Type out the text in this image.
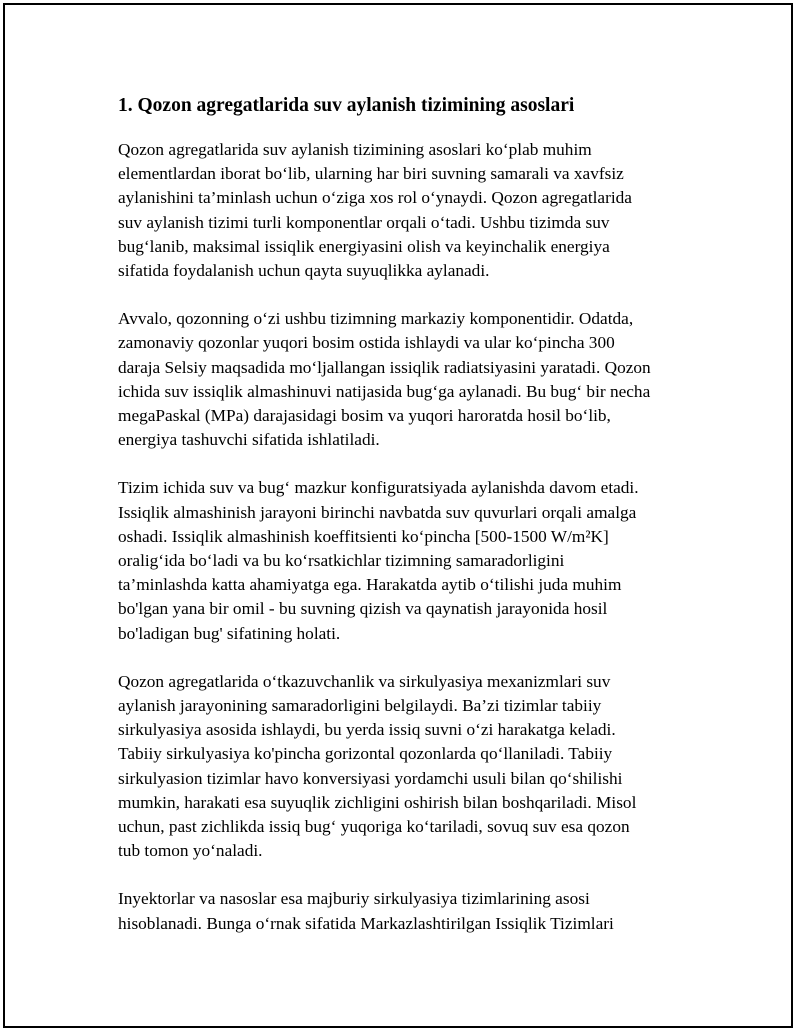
1. Qozon agregatlarida suv aylanish tizimining asoslari

Qozon agregatlarida suv aylanish tizimining asoslari ko‘plab muhim
elementlardan iborat bo‘lib, ularning har biri suvning samarali va xavfsiz
aylanishini ta’minlash uchun o‘ziga xos rol o‘ynaydi. Qozon agregatlarida
suv aylanish tizimi turli komponentlar orqali o‘tadi. Ushbu tizimda suv
bug‘lanib, maksimal issiqlik energiyasini olish va keyinchalik energiya
sifatida foydalanish uchun qayta suyuqlikka aylanadi.

Avvalo, qozonning o‘zi ushbu tizimning markaziy komponentidir. Odatda,
zamonaviy qozonlar yuqori bosim ostida ishlaydi va ular ko‘pincha 300
daraja Selsiy maqsadida mo‘ljallangan issiqlik radiatsiyasini yaratadi. Qozon
ichida suv issiqlik almashinuvi natijasida bug‘ga aylanadi. Bu bug‘ bir necha
megaPaskal (MPa) darajasidagi bosim va yuqori haroratda hosil bo‘lib,
energiya tashuvchi sifatida ishlatiladi.

Tizim ichida suv va bug‘ mazkur konfiguratsiyada aylanishda davom etadi.
Issiqlik almashinish jarayoni birinchi navbatda suv quvurlari orqali amalga
oshadi. Issiqlik almashinish koeffitsienti ko‘pincha [500-1500 W/m²K]
oralig‘ida bo‘ladi va bu ko‘rsatkichlar tizimning samaradorligini
ta’minlashda katta ahamiyatga ega. Harakatda aytib o‘tilishi juda muhim
bo'lgan yana bir omil - bu suvning qizish va qaynatish jarayonida hosil
bo'ladigan bug' sifatining holati.

Qozon agregatlarida o‘tkazuvchanlik va sirkulyasiya mexanizmlari suv
aylanish jarayonining samaradorligini belgilaydi. Ba’zi tizimlar tabiiy
sirkulyasiya asosida ishlaydi, bu yerda issiq suvni o‘zi harakatga keladi.
Tabiiy sirkulyasiya ko'pincha gorizontal qozonlarda qo‘llaniladi. Tabiiy
sirkulyasion tizimlar havo konversiyasi yordamchi usuli bilan qo‘shilishi
mumkin, harakati esa suyuqlik zichligini oshirish bilan boshqariladi. Misol
uchun, past zichlikda issiq bug‘ yuqoriga ko‘tariladi, sovuq suv esa qozon
tub tomon yo‘naladi.

Inyektorlar va nasoslar esa majburiy sirkulyasiya tizimlarining asosi
hisoblanadi. Bunga o‘rnak sifatida Markazlashtirilgan Issiqlik Tizimlari
